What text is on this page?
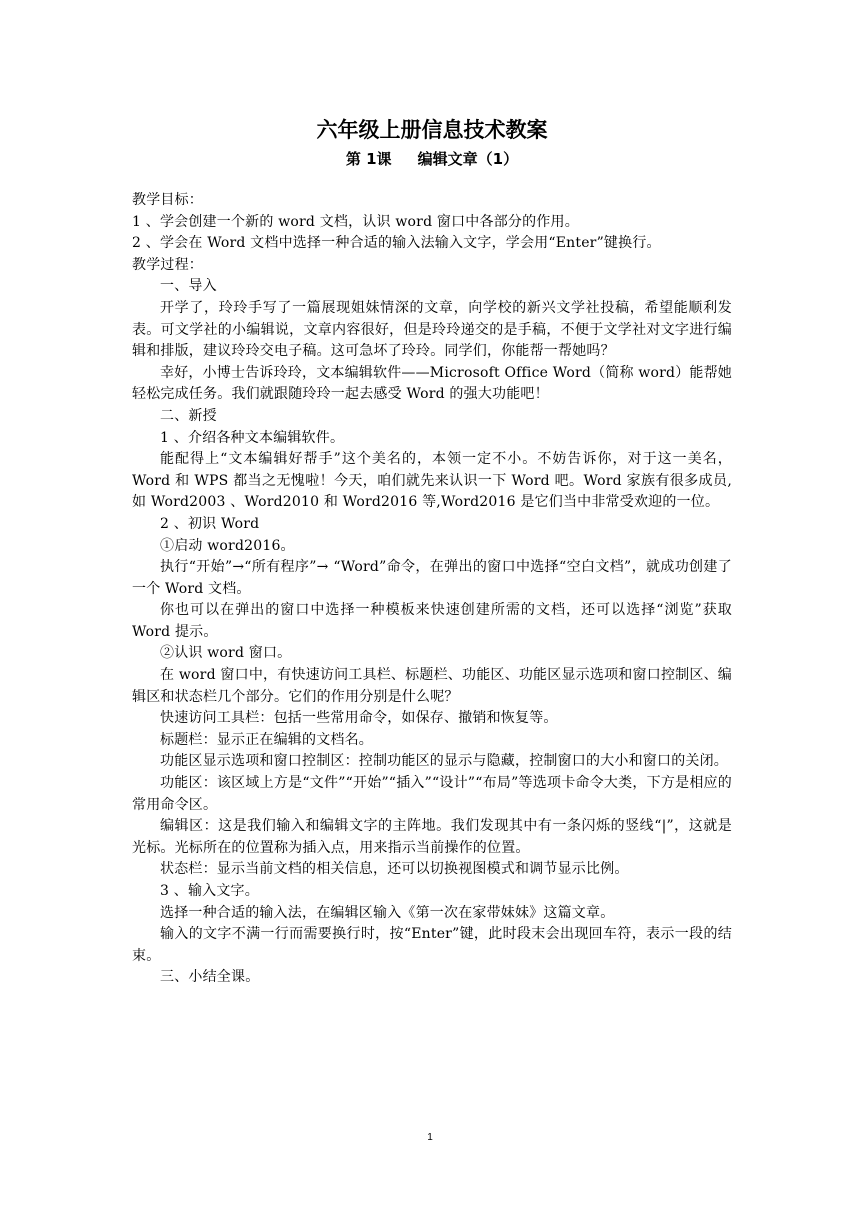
六年级上册信息技术教案
第 1课     编辑文章（1）

教学目标：

1 、学会创建一个新的 word 文档，认识 word 窗口中各部分的作用。

2 、学会在 Word 文档中选择一种合适的输入法输入文字，学会用“Enter”键换行。

教学过程：

一、导入

开学了，玲玲手写了一篇展现姐妹情深的文章，向学校的新兴文学社投稿，希望能顺利发表。可文学社的小编辑说，文章内容很好，但是玲玲递交的是手稿，不便于文学社对文字进行编辑和排版，建议玲玲交电子稿。这可急坏了玲玲。同学们，你能帮一帮她吗？

幸好，小博士告诉玲玲，文本编辑软件——Microsoft Office Word（简称 word）能帮她轻松完成任务。我们就跟随玲玲一起去感受 Word 的强大功能吧！

二、新授

1 、介绍各种文本编辑软件。

能配得上“文本编辑好帮手”这个美名的，本领一定不小。不妨告诉你，对于这一美名，Word 和 WPS 都当之无愧啦！今天，咱们就先来认识一下 Word 吧。Word 家族有很多成员,如 Word2003 、Word2010 和 Word2016 等,Word2016 是它们当中非常受欢迎的一位。

2 、初识 Word

①启动 word2016。

执行“开始”→“所有程序”→ “Word”命令，在弹出的窗口中选择“空白文档”，就成功创建了一个 Word 文档。

你也可以在弹出的窗口中选择一种模板来快速创建所需的文档，还可以选择“浏览”获取 Word 提示。

②认识 word 窗口。

在 word 窗口中，有快速访问工具栏、标题栏、功能区、功能区显示选项和窗口控制区、编辑区和状态栏几个部分。它们的作用分别是什么呢？

快速访问工具栏：包括一些常用命令，如保存、撤销和恢复等。

标题栏：显示正在编辑的文档名。

功能区显示选项和窗口控制区：控制功能区的显示与隐藏，控制窗口的大小和窗口的关闭。

功能区：该区域上方是“文件”“开始”“插入”“设计”“布局”等选项卡命令大类，下方是相应的常用命令区。

编辑区：这是我们输入和编辑文字的主阵地。我们发现其中有一条闪烁的竖线“|”，这就是光标。光标所在的位置称为插入点，用来指示当前操作的位置。

状态栏：显示当前文档的相关信息，还可以切换视图模式和调节显示比例。

3 、输入文字。

选择一种合适的输入法，在编辑区输入《第一次在家带妹妹》这篇文章。

输入的文字不满一行而需要换行时，按“Enter”键，此时段末会出现回车符，表示一段的结束。

三、小结全课。

1
